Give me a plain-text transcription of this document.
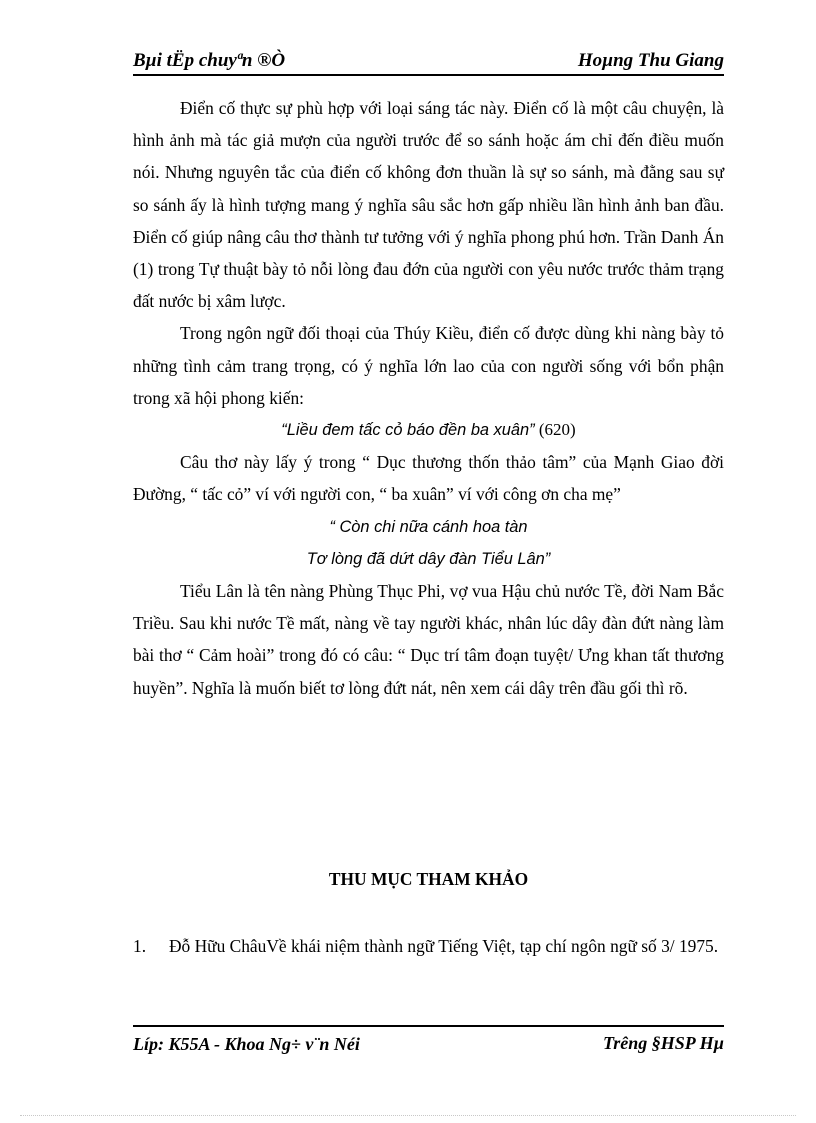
Bµi tËp chuyªn ®Ò	Hoµng Thu Giang

Điển cố thực sự phù hợp với loại sáng tác này. Điển cố là một câu chuyện, là hình ảnh mà tác giả mượn của người trước để so sánh hoặc ám chỉ đến điều muốn nói. Nhưng nguyên tắc của điển cố không đơn thuần là sự so sánh, mà đằng sau sự so sánh ấy là hình tượng mang ý nghĩa sâu sắc hơn gấp nhiều lần hình ảnh ban đầu. Điển cố giúp nâng câu thơ thành tư tưởng với ý nghĩa phong phú hơn. Trần Danh Án (1) trong Tự thuật bày tỏ nỗi lòng đau đớn của người con yêu nước trước thảm trạng đất nước bị xâm lược.

Trong ngôn ngữ đối thoại của Thúy Kiều, điển cố được dùng khi nàng bày tỏ những tình cảm trang trọng, có ý nghĩa lớn lao của con người sống với bổn phận trong xã hội phong kiến:

“Liều đem tấc cỏ báo đền ba xuân” (620)

Câu thơ này lấy ý trong “ Dục thương thốn thảo tâm” của Mạnh Giao đời Đường, “ tấc cỏ” ví với người con, “ ba xuân” ví với công ơn cha mẹ”

“ Còn chi nữa cánh hoa tàn
Tơ lòng đã dứt dây đàn Tiểu Lân”

Tiểu Lân là tên nàng Phùng Thục Phi, vợ vua Hậu chủ nước Tề, đời Nam Bắc Triều. Sau khi nước Tề mất, nàng về tay người khác, nhân lúc dây đàn đứt nàng làm bài thơ “ Cảm hoài” trong đó có câu: “ Dục trí tâm đoạn tuyệt/ Ưng khan tất thương huyền”. Nghĩa là muốn biết tơ lòng đứt nát, nên xem cái dây trên đầu gối thì rõ.

THU MỤC THAM KHẢO
1. Đỗ Hữu ChâuVề khái niệm thành ngữ Tiếng Việt, tạp chí ngôn ngữ số 3/ 1975.
Líp: K55A - Khoa Ng÷ v¨n Néi	Trêng §HSP Hµ
